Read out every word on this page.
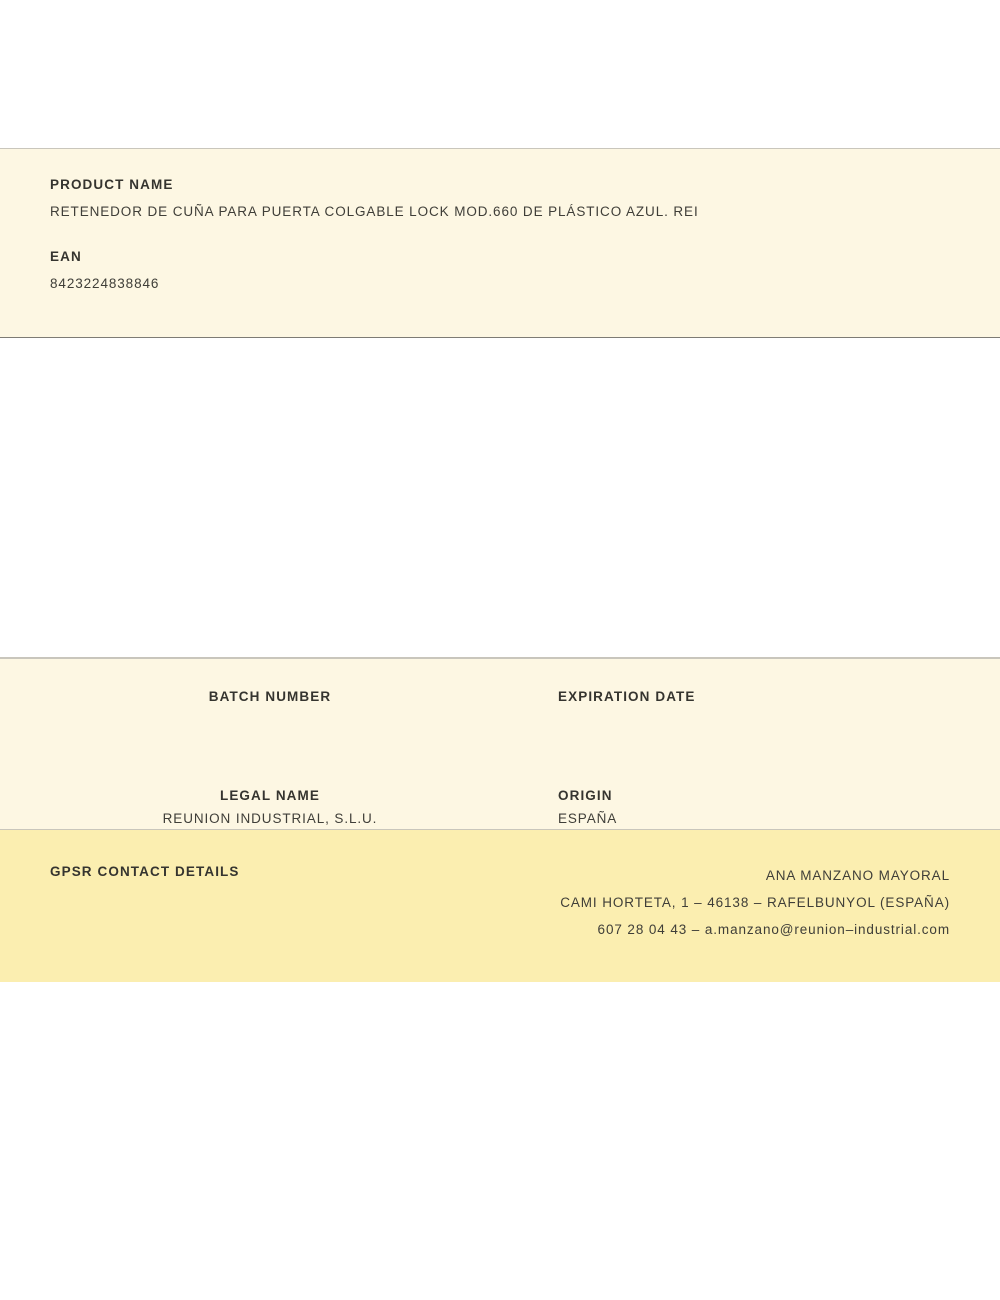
PRODUCT NAME
RETENEDOR DE CUÑA PARA PUERTA COLGABLE LOCK MOD.660 DE PLÁSTICO AZUL. REI
EAN
8423224838846
BATCH NUMBER	EXPIRATION DATE
LEGAL NAME
REUNION INDUSTRIAL, S.L.U.
ORIGIN
ESPAÑA
GPSR CONTACT DETAILS	ANA MANZANO MAYORAL
CAMI HORTETA, 1 – 46138 – RAFELBUNYOL (ESPAÑA)
607 28 04 43 – a.manzano@reunion–industrial.com
